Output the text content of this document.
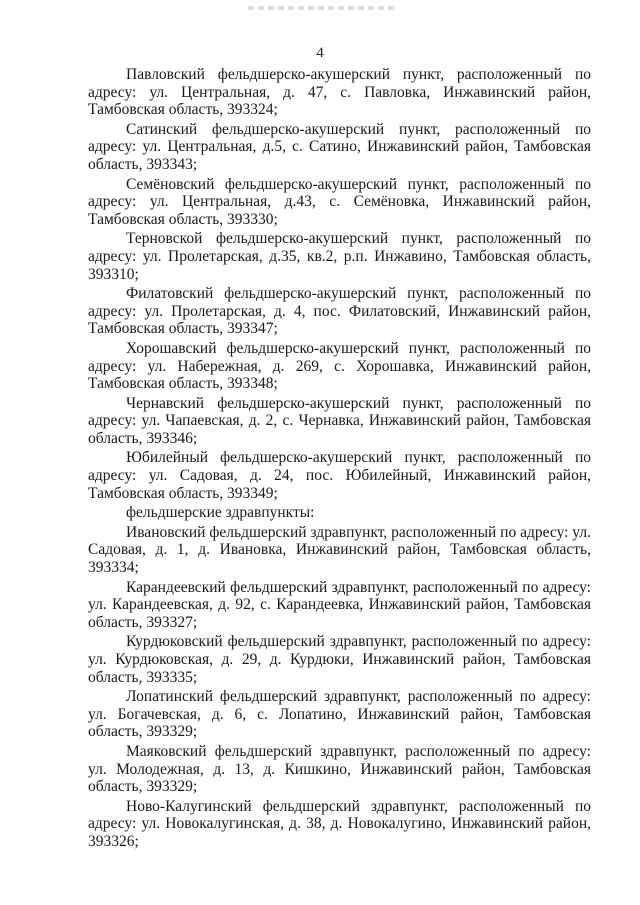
4

Павловский фельдшерско-акушерский пункт, расположенный по адресу: ул. Центральная, д. 47, с. Павловка, Инжавинский район, Тамбовская область, 393324;

Сатинский фельдшерско-акушерский пункт, расположенный по адресу: ул. Центральная, д.5, с. Сатино, Инжавинский район, Тамбовская область, 393343;

Семёновский фельдшерско-акушерский пункт, расположенный по адресу: ул. Центральная, д.43, с. Семёновка, Инжавинский район, Тамбовская область, 393330;

Терновской фельдшерско-акушерский пункт, расположенный по адресу: ул. Пролетарская, д.35, кв.2, р.п. Инжавино, Тамбовская область, 393310;

Филатовский фельдшерско-акушерский пункт, расположенный по адресу: ул. Пролетарская, д. 4, пос. Филатовский, Инжавинский район, Тамбовская область, 393347;

Хорошавский фельдшерско-акушерский пункт, расположенный по адресу: ул. Набережная, д. 269, с. Хорошавка, Инжавинский район, Тамбовская область, 393348;

Чернавский фельдшерско-акушерский пункт, расположенный по адресу: ул. Чапаевская, д. 2, с. Чернавка, Инжавинский район, Тамбовская область, 393346;

Юбилейный фельдшерско-акушерский пункт, расположенный по адресу: ул. Садовая, д. 24, пос. Юбилейный, Инжавинский район, Тамбовская область, 393349;

фельдшерские здравпункты:

Ивановский фельдшерский здравпункт, расположенный по адресу: ул. Садовая, д. 1, д. Ивановка, Инжавинский район, Тамбовская область, 393334;

Карандеевский фельдшерский здравпункт, расположенный по адресу: ул. Карандеевская, д. 92, с. Карандеевка, Инжавинский район, Тамбовская область, 393327;

Курдюковский фельдшерский здравпункт, расположенный по адресу: ул. Курдюковская, д. 29, д. Курдюки, Инжавинский район, Тамбовская область, 393335;

Лопатинский фельдшерский здравпункт, расположенный по адресу: ул. Богачевская, д. 6, с. Лопатино, Инжавинский район, Тамбовская область, 393329;

Маяковский фельдшерский здравпункт, расположенный по адресу: ул. Молодежная, д. 13, д. Кишкино, Инжавинский район, Тамбовская область, 393329;

Ново-Калугинский фельдшерский здравпункт, расположенный по адресу: ул. Новокалугинская, д. 38, д. Новокалугино, Инжавинский район, 393326;
